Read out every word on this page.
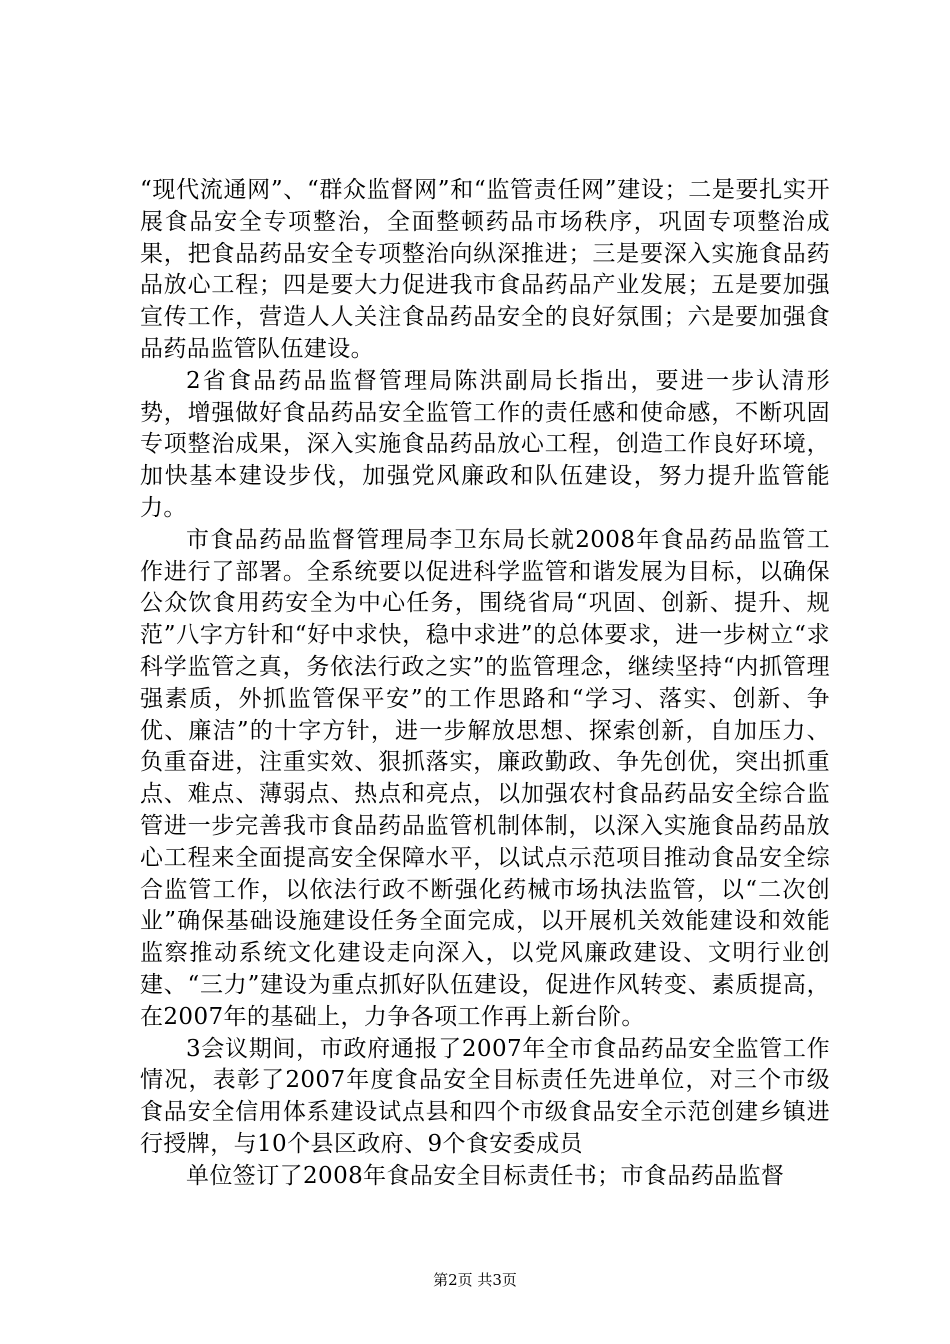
“现代流通网”、“群众监督网”和“监管责任网”建设；二是要扎实开展食品安全专项整治，全面整顿药品市场秩序，巩固专项整治成果，把食品药品安全专项整治向纵深推进；三是要深入实施食品药品放心工程；四是要大力促进我市食品药品产业发展；五是要加强宣传工作，营造人人关注食品药品安全的良好氛围；六是要加强食品药品监管队伍建设。

2省食品药品监督管理局陈洪副局长指出，要进一步认清形势，增强做好食品药品安全监管工作的责任感和使命感，不断巩固专项整治成果，深入实施食品药品放心工程，创造工作良好环境，加快基本建设步伐，加强党风廉政和队伍建设，努力提升监管能力。

市食品药品监督管理局李卫东局长就2008年食品药品监管工作进行了部署。全系统要以促进科学监管和谐发展为目标，以确保公众饮食用药安全为中心任务，围绕省局“巩固、创新、提升、规范”八字方针和“好中求快，稳中求进”的总体要求，进一步树立“求科学监管之真，务依法行政之实”的监管理念，继续坚持“内抓管理强素质，外抓监管保平安”的工作思路和“学习、落实、创新、争优、廉洁”的十字方针，进一步解放思想、探索创新，自加压力、负重奋进，注重实效、狠抓落实，廉政勤政、争先创优，突出抓重点、难点、薄弱点、热点和亮点，以加强农村食品药品安全综合监管进一步完善我市食品药品监管机制体制，以深入实施食品药品放心工程来全面提高安全保障水平，以试点示范项目推动食品安全综合监管工作，以依法行政不断强化药械市场执法监管，以“二次创业”确保基础设施建设任务全面完成，以开展机关效能建设和效能监察推动系统文化建设走向深入，以党风廉政建设、文明行业创建、“三力”建设为重点抓好队伍建设，促进作风转变、素质提高，在2007年的基础上，力争各项工作再上新台阶。

3会议期间，市政府通报了2007年全市食品药品安全监管工作情况，表彰了2007年度食品安全目标责任先进单位，对三个市级食品安全信用体系建设试点县和四个市级食品安全示范创建乡镇进行授牌，与10个县区政府、9个食安委成员

单位签订了2008年食品安全目标责任书；市食品药品监督

第2页 共3页
